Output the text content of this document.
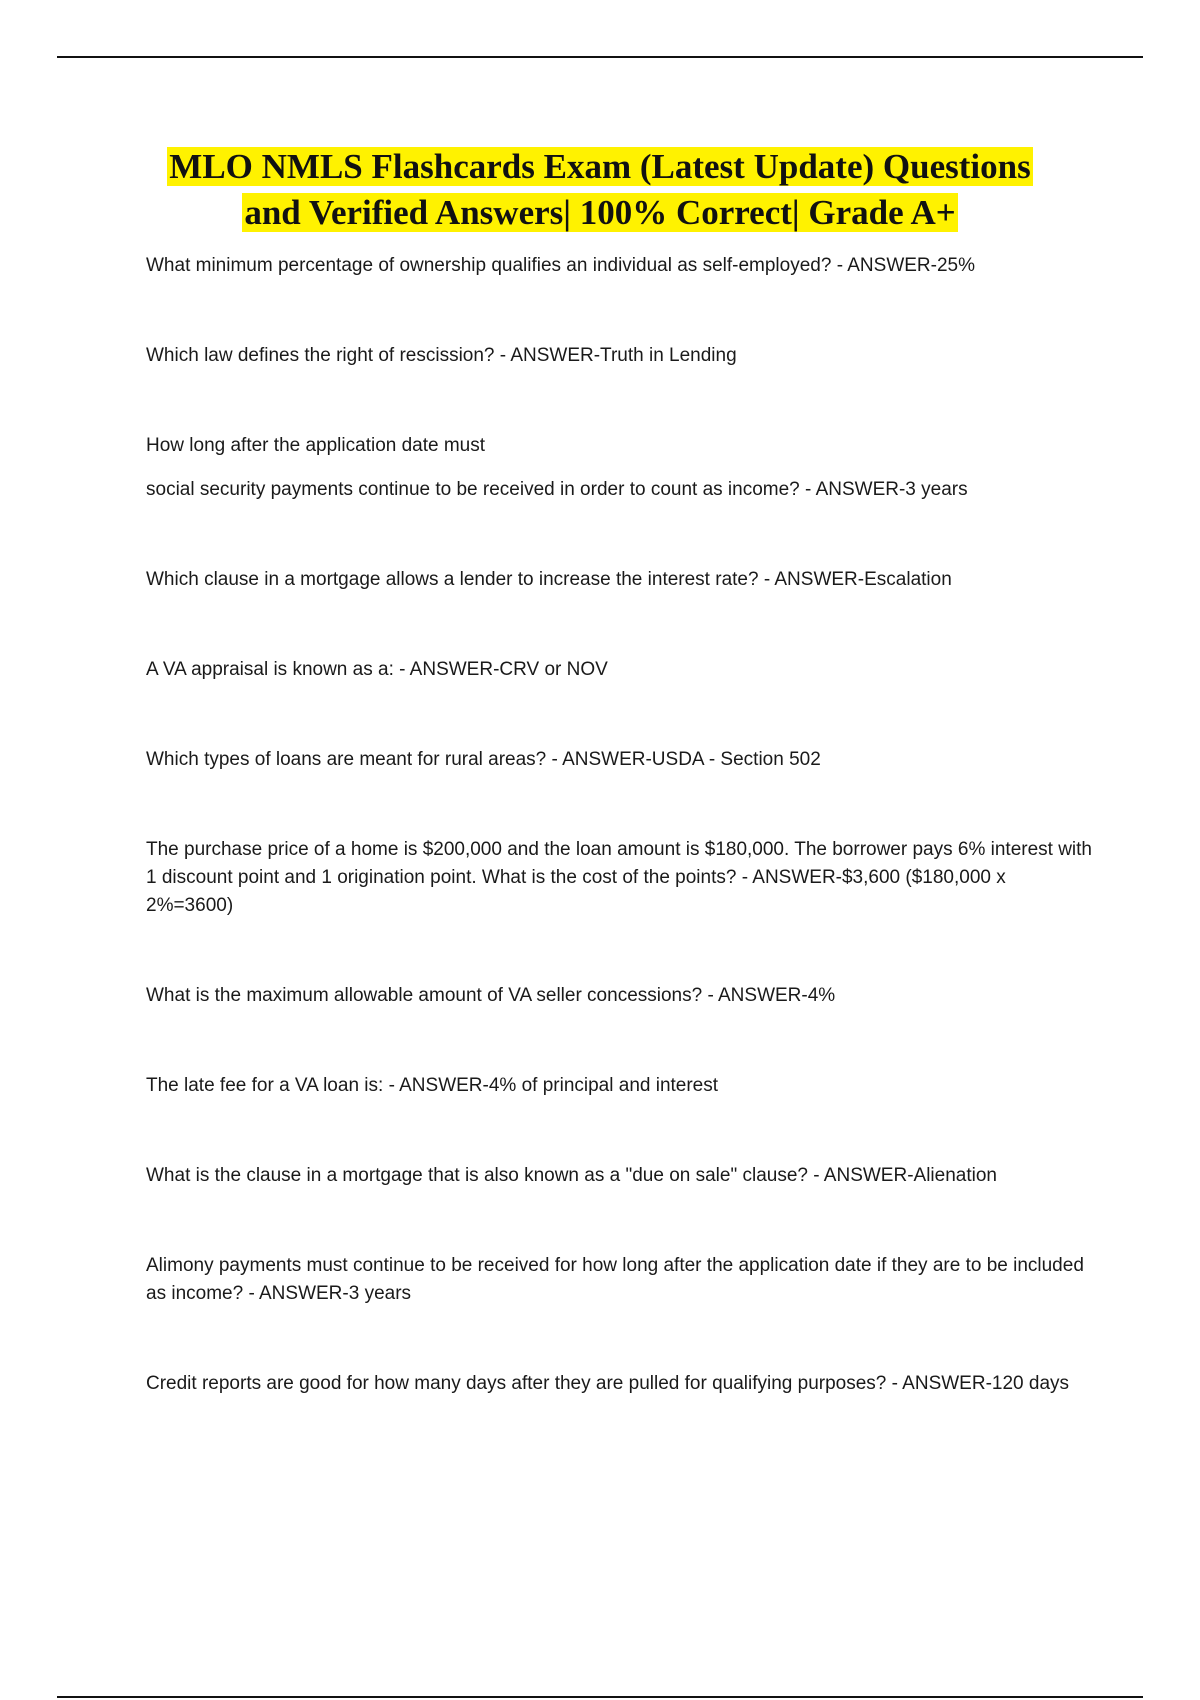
MLO NMLS Flashcards Exam (Latest Update) Questions
and Verified Answers| 100% Correct| Grade A+

What minimum percentage of ownership qualifies an individual as self-employed? - ANSWER-25%

Which law defines the right of rescission? - ANSWER-Truth in Lending

How long after the application date must

social security payments continue to be received in order to count as income? - ANSWER-3 years

Which clause in a mortgage allows a lender to increase the interest rate? - ANSWER-Escalation

A VA appraisal is known as a: - ANSWER-CRV or NOV

Which types of loans are meant for rural areas? - ANSWER-USDA - Section 502

The purchase price of a home is $200,000 and the loan amount is $180,000. The borrower pays 6% interest with 1 discount point and 1 origination point. What is the cost of the points? - ANSWER-$3,600 ($180,000 x 2%=3600)

What is the maximum allowable amount of VA seller concessions? - ANSWER-4%

The late fee for a VA loan is: - ANSWER-4% of principal and interest

What is the clause in a mortgage that is also known as a "due on sale" clause? - ANSWER-Alienation

Alimony payments must continue to be received for how long after the application date if they are to be included as income? - ANSWER-3 years

Credit reports are good for how many days after they are pulled for qualifying purposes? - ANSWER-120 days
